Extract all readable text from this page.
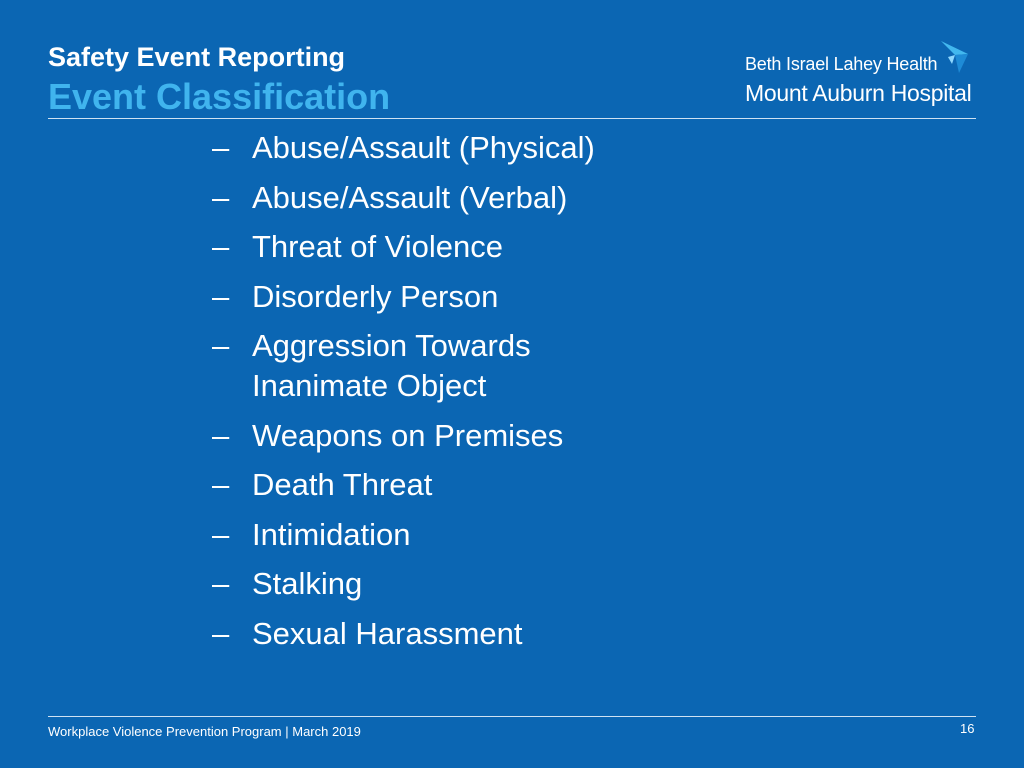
Safety Event Reporting
Event Classification
Beth Israel Lahey Health
Mount Auburn Hospital
– Abuse/Assault (Physical)
– Abuse/Assault (Verbal)
– Threat of Violence
– Disorderly Person
– Aggression Towards Inanimate Object
– Weapons on Premises
– Death Threat
– Intimidation
– Stalking
– Sexual Harassment
Workplace Violence Prevention Program | March 2019	16
